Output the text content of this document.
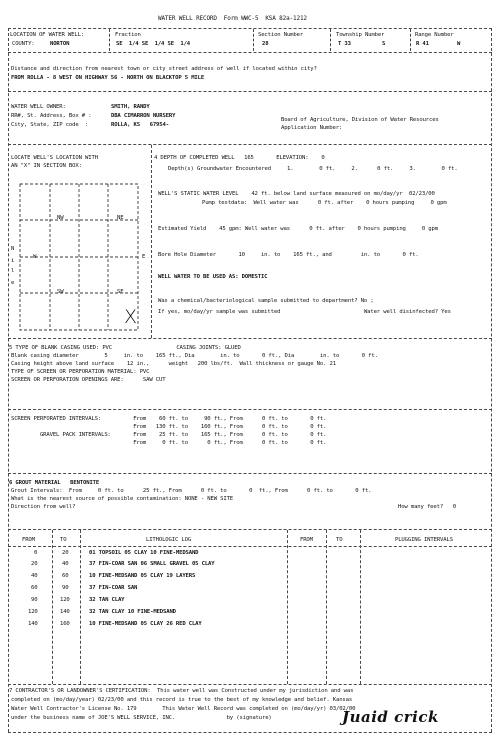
WATER WELL RECORD  Form WWC-5  KSA 82a-1212
LOCATION OF WATER WELL:
COUNTY:	NORTON
Fraction
SE  1/4 SE  1/4 SE  1/4
Section Number
28
Township Number
T 33	S
Range Number
R 41	W
Distance and direction from nearest town or city street address of well if located within city?
FROM ROLLA - 8 WEST ON HIGHWAY 56 - NORTH ON BLACKTOP 5 MILE
WATER WELL OWNER:	SMITH, RANDY
RR#, St. Address, Box # :	DBA CIMARRON NURSERY
City, State, ZIP code  :	ROLLA, KS   67954-
Board of Agriculture, Division of Water Resources
Application Number:
LOCATE WELL'S LOCATION WITH
AN "X" IN SECTION BOX:
NW	NE
SW	SE
W	E
N
i
l
e
X
4 DEPTH OF COMPLETED WELL   165       ELEVATION:    0
Depth(s) Groundwater Encountered     1.        0 ft.     2.      0 ft.     3.        0 ft.
WELL'S STATIC WATER LEVEL    42 ft. below land surface measured on mo/day/yr  02/23/00
Pump testdata:  Well water was      0 ft. after    0 hours pumping     0 gpm
Estimated Yield    45 gpm: Well water was      0 ft. after    0 hours pumping     0 gpm
Bore Hole Diameter       10     in. to    165 ft., and         in. to       0 ft.
WELL WATER TO BE USED AS: DOMESTIC
Was a chemical/bacteriological sample submitted to department? No ;
If yes, mo/day/yr sample was submitted                          Water well disinfected? Yes
5 TYPE OF BLANK CASING USED: PVC                    CASING JOINTS: GLUED
Blank casing diameter        5     in. to    165 ft., Dia        in. to       0 ft., Dia        in. to       0 ft.
Casing height above land surface    12 in.,      weight   200 lbs/ft.  Wall thickness or gauge No. 21
TYPE OF SCREEN OR PERFORATION MATERIAL: PVC
SCREEN OR PERFORATION OPENINGS ARE:      SAW CUT
SCREEN PERFORATED INTERVALS:          From    60 ft. to     90 ft., From      0 ft. to       0 ft.
From   130 ft. to    160 ft., From      0 ft. to       0 ft.
GRAVEL PACK INTERVALS:       From    25 ft. to    165 ft., From      0 ft. to       0 ft.
From     0 ft. to      0 ft., From      0 ft. to       0 ft.
6 GROUT MATERIAL   BENTONITE
Grout Intervals:  From     0 ft. to      25 ft., From      0 ft. to       0  ft., From      0 ft. to       0 ft.
What is the nearest source of possible contamination: NONE - NEW SITE
Direction from well?	How many feet?   0
FROM	TO	LITHOLOGIC LOG	FROM	TO	PLUGGING INTERVALS
0	20	01 TOPSOIL 05 CLAY 10 FINE-MEDSAND
20	40	37 FIN-COAR SAN 06 SMALL GRAVEL 05 CLAY
40	60	10 FINE-MEDSAND 05 CLAY 19 LAYERS
60	90	37 FIN-COAR SAN
90	120	32 TAN CLAY
120	140	32 TAN CLAY 10 FINE-MEDSAND
140	160	10 FINE-MEDSAND 05 CLAY 26 RED CLAY
7 CONTRACTOR'S OR LANDOWNER'S CERTIFICATION:  This water well was Constructed under my jurisdiction and was
completed on (mo/day/year) 02/23/00 and this record is true to the best of my knowledge and belief. Kansas
Water Well Contractor's License No. 179        This Water Well Record was completed on (mo/day/yr) 03/02/00
under the business name of JOE'S WELL SERVICE, INC.                by (signature)	Juaid crick
